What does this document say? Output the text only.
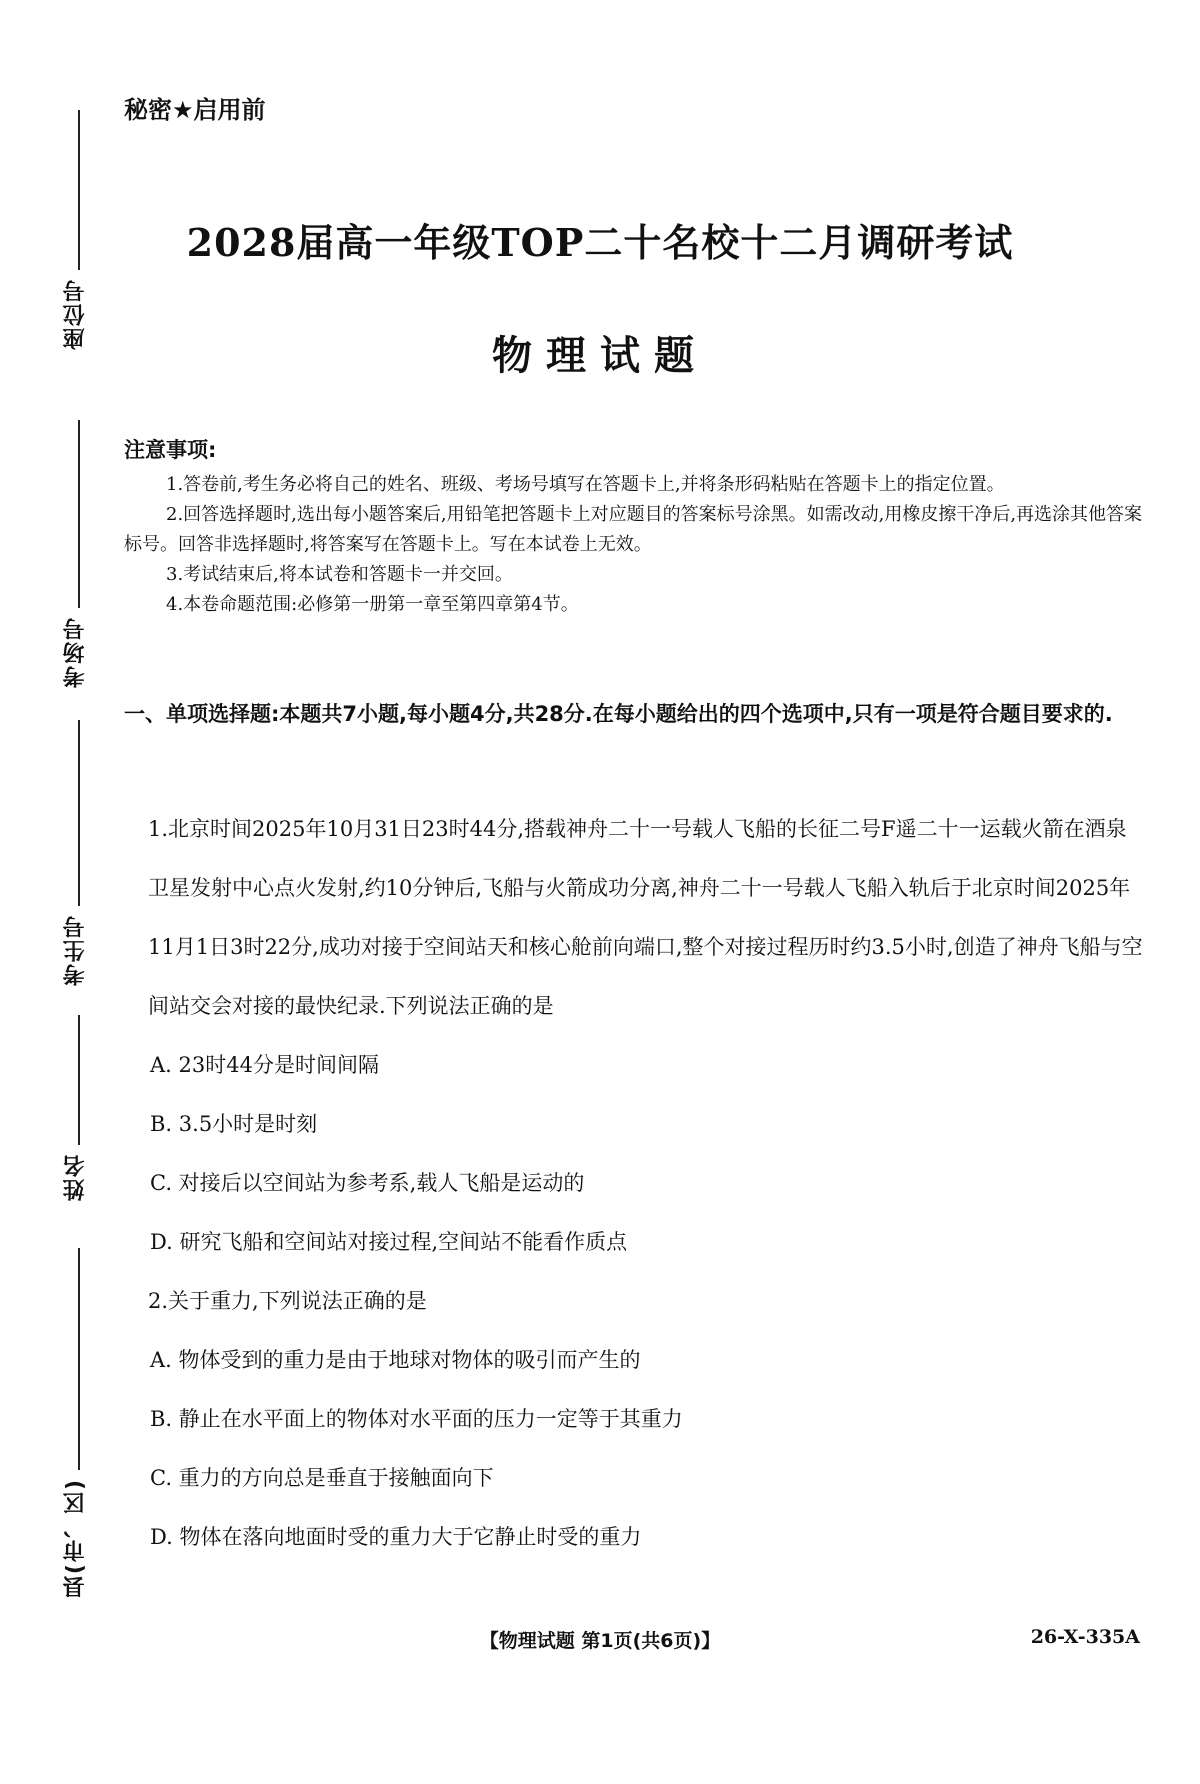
座位号
考场号
考生号
姓名
县(市、区)
秘密★启用前
2028届高一年级TOP二十名校十二月调研考试
物理试题
注意事项:

1.答卷前,考生务必将自己的姓名、班级、考场号填写在答题卡上,并将条形码粘贴在答题卡上的指定位置。

2.回答选择题时,选出每小题答案后,用铅笔把答题卡上对应题目的答案标号涂黑。如需改动,用橡皮擦干净后,再选涂其他答案标号。回答非选择题时,将答案写在答题卡上。写在本试卷上无效。

3.考试结束后,将本试卷和答题卡一并交回。

4.本卷命题范围:必修第一册第一章至第四章第4节。

一、单项选择题:本题共7小题,每小题4分,共28分.在每小题给出的四个选项中,只有一项是符合题目要求的.

1.北京时间2025年10月31日23时44分,搭载神舟二十一号载人飞船的长征二号F遥二十一运载火箭在酒泉卫星发射中心点火发射,约10分钟后,飞船与火箭成功分离,神舟二十一号载人飞船入轨后于北京时间2025年11月1日3时22分,成功对接于空间站天和核心舱前向端口,整个对接过程历时约3.5小时,创造了神舟飞船与空间站交会对接的最快纪录.下列说法正确的是

A. 23时44分是时间间隔

B. 3.5小时是时刻

C. 对接后以空间站为参考系,载人飞船是运动的

D. 研究飞船和空间站对接过程,空间站不能看作质点

2.关于重力,下列说法正确的是

A. 物体受到的重力是由于地球对物体的吸引而产生的

B. 静止在水平面上的物体对水平面的压力一定等于其重力

C. 重力的方向总是垂直于接触面向下

D. 物体在落向地面时受的重力大于它静止时受的重力

【物理试题 第1页(共6页)】	26-X-335A
